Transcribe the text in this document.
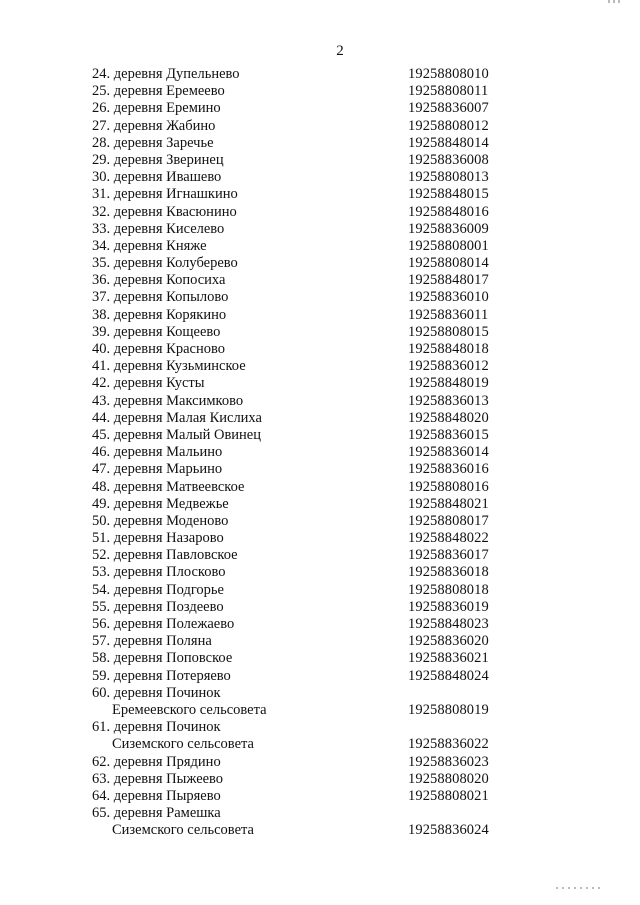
2
24. деревня Дупельнево	19258808010
25. деревня Еремеево	19258808011
26. деревня Еремино	19258836007
27. деревня Жабино	19258808012
28. деревня Заречье	19258848014
29. деревня Зверинец	19258836008
30. деревня Ивашево	19258808013
31. деревня Игнашкино	19258848015
32. деревня Квасюнино	19258848016
33. деревня Киселево	19258836009
34. деревня Княже	19258808001
35. деревня Колуберево	19258808014
36. деревня Копосиха	19258848017
37. деревня Копылово	19258836010
38. деревня Корякино	19258836011
39. деревня Кощеево	19258808015
40. деревня Красново	19258848018
41. деревня Кузьминское	19258836012
42. деревня Кусты	19258848019
43. деревня Максимково	19258836013
44. деревня Малая Кислиха	19258848020
45. деревня Малый Овинец	19258836015
46. деревня Мальино	19258836014
47. деревня Марьино	19258836016
48. деревня Матвеевское	19258808016
49. деревня Медвежье	19258848021
50. деревня Моденово	19258808017
51. деревня Назарово	19258848022
52. деревня Павловское	19258836017
53. деревня Плосково	19258836018
54. деревня Подгорье	19258808018
55. деревня Поздеево	19258836019
56. деревня Полежаево	19258848023
57. деревня Поляна	19258836020
58. деревня Поповское	19258836021
59. деревня Потеряево	19258848024
60. деревня Починок
Еремеевского сельсовета	19258808019
61. деревня Починок
Сиземского сельсовета	19258836022
62. деревня Прядино	19258836023
63. деревня Пыжеево	19258808020
64. деревня Пыряево	19258808021
65. деревня Рамешка
Сиземского сельсовета	19258836024
